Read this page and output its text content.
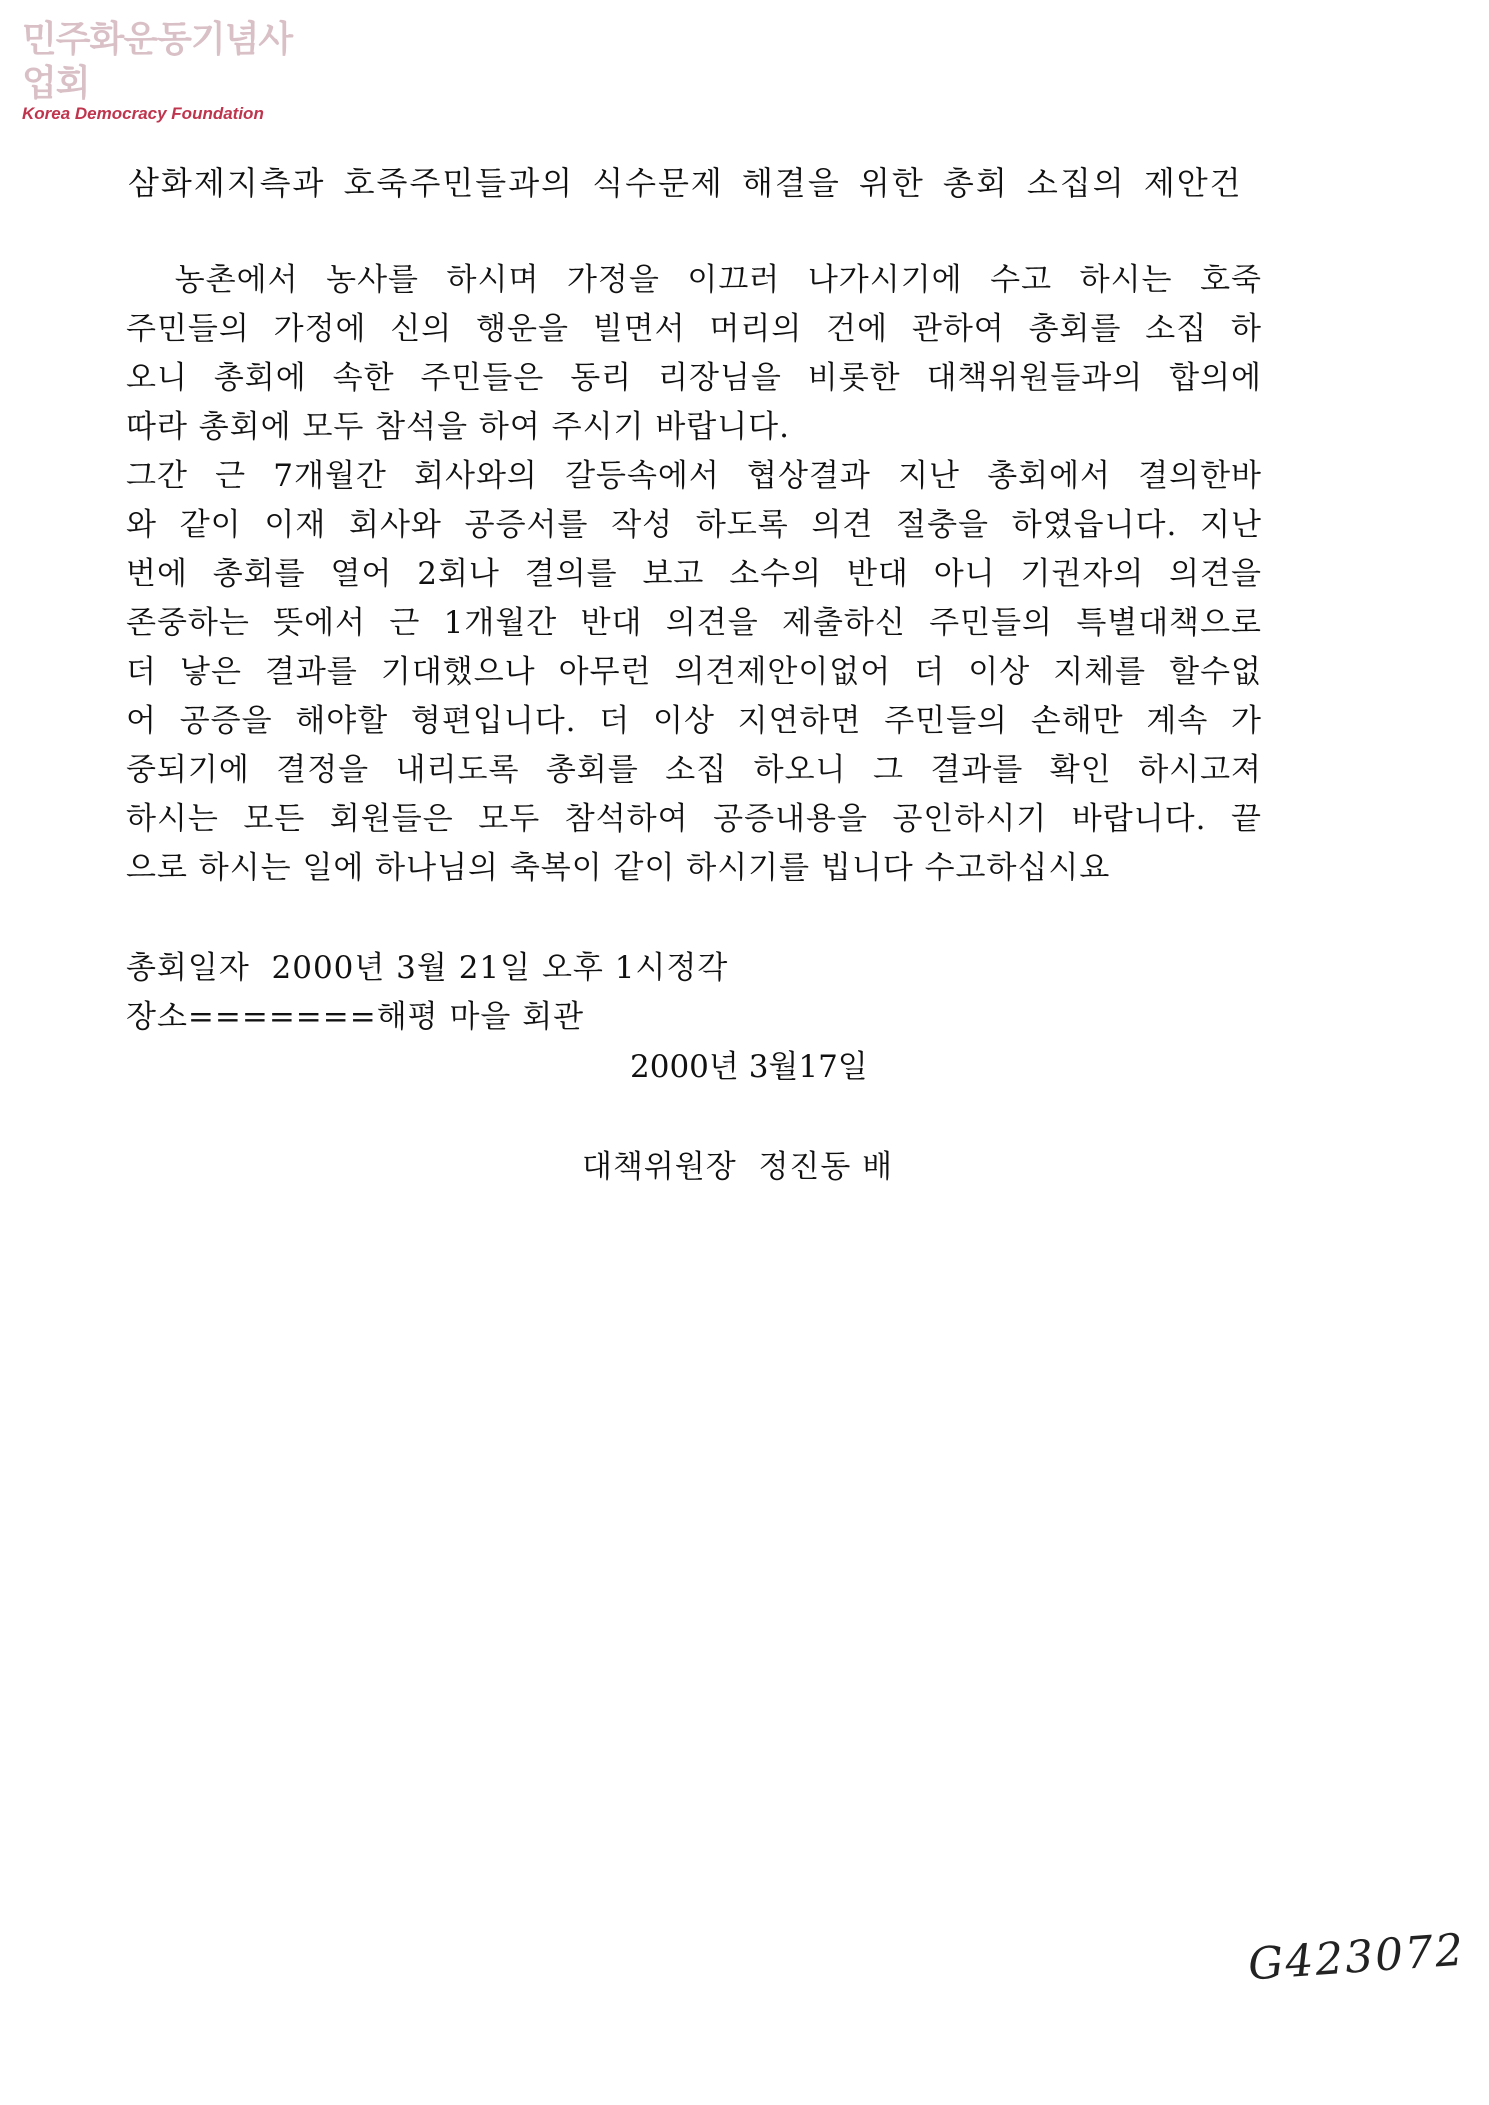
민주화운동기념사업회
Korea Democracy Foundation
삼화제지측과 호죽주민들과의 식수문제 해결을 위한 총회 소집의 제안건
　농촌에서 농사를 하시며 가정을 이끄러 나가시기에 수고 하시는 호죽
주민들의 가정에 신의 행운을 빌면서 머리의 건에 관하여 총회를 소집 하
오니 총회에 속한 주민들은 동리 리장님을 비롯한 대책위원들과의 합의에
따라 총회에 모두 참석을 하여 주시기 바랍니다.
그간 근 7개월간 회사와의 갈등속에서 협상결과 지난 총회에서 결의한바
와 같이 이재 회사와 공증서를 작성 하도록 의견 절충을 하였읍니다. 지난
번에 총회를 열어 2회나 결의를 보고 소수의 반대 아니 기권자의 의견을
존중하는 뜻에서 근 1개월간 반대 의견을 제출하신 주민들의 특별대책으로
더 낳은 결과를 기대했으나 아무런 의견제안이없어 더 이상 지체를 할수없
어 공증을 해야할 형편입니다. 더 이상 지연하면 주민들의 손해만 계속 가
중되기에 결정을 내리도록 총회를 소집 하오니 그 결과를 확인 하시고져
하시는 모든 회원들은 모두 참석하여 공증내용을 공인하시기 바랍니다. 끝
으로 하시는 일에 하나님의 축복이 같이 하시기를 빕니다 수고하십시요
총회일자  2000년 3월 21일 오후 1시정각
장소=======해평 마을 회관
2000년 3월17일
대책위원장  정진동 배
G423072
